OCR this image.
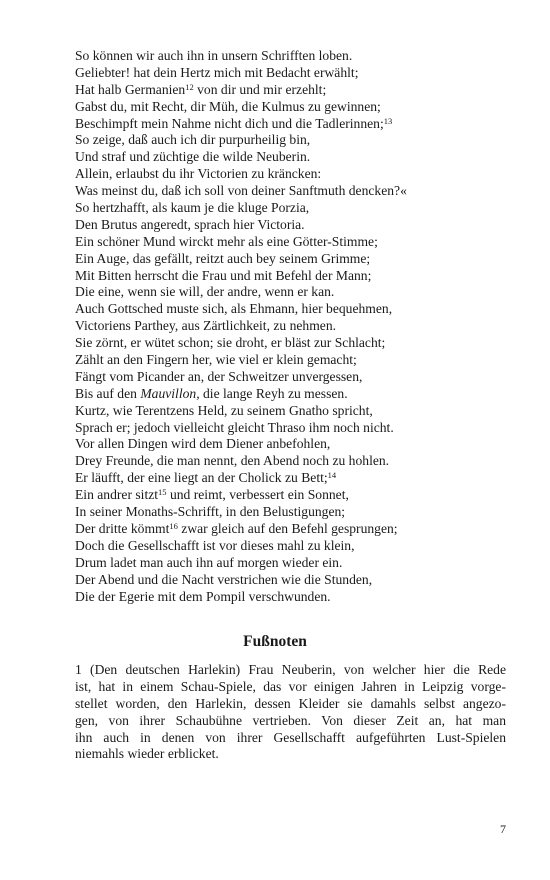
So können wir auch ihn in unsern Schrifften loben.
Geliebter! hat dein Hertz mich mit Bedacht erwählt;
Hat halb Germanien$^{12}$ von dir und mir erzehlt;
Gabst du, mit Recht, dir Müh, die Kulmus zu gewinnen;
Beschimpft mein Nahme nicht dich und die Tadlerinnen;$^{13}$
So zeige, daß auch ich dir purpurheilig bin,
Und straf und züchtige die wilde Neuberin.
Allein, erlaubst du ihr Victorien zu kräncken:
Was meinst du, daß ich soll von deiner Sanftmuth dencken?«
So hertzhafft, als kaum je die kluge Porzia,
Den Brutus angeredt, sprach hier Victoria.
Ein schöner Mund wirckt mehr als eine Götter-Stimme;
Ein Auge, das gefällt, reitzt auch bey seinem Grimme;
Mit Bitten herrscht die Frau und mit Befehl der Mann;
Die eine, wenn sie will, der andre, wenn er kan.
Auch Gottsched muste sich, als Ehmann, hier bequehmen,
Victoriens Parthey, aus Zärtlichkeit, zu nehmen.
Sie zörnt, er wütet schon; sie droht, er bläst zur Schlacht;
Zählt an den Fingern her, wie viel er klein gemacht;
Fängt vom Picander an, der Schweitzer unvergessen,
Bis auf den Mauvillon, die lange Reyh zu messen.
Kurtz, wie Terentzens Held, zu seinem Gnatho spricht,
Sprach er; jedoch vielleicht gleicht Thraso ihm noch nicht.
Vor allen Dingen wird dem Diener anbefohlen,
Drey Freunde, die man nennt, den Abend noch zu hohlen.
Er läufft, der eine liegt an der Cholick zu Bett;$^{14}$
Ein andrer sitzt$^{15}$ und reimt, verbessert ein Sonnet,
In seiner Monaths-Schrifft, in den Belustigungen;
Der dritte kömmt$^{16}$ zwar gleich auf den Befehl gesprungen;
Doch die Gesellschafft ist vor dieses mahl zu klein,
Drum ladet man auch ihn auf morgen wieder ein.
Der Abend und die Nacht verstrichen wie die Stunden,
Die der Egerie mit dem Pompil verschwunden.
Fußnoten
1 (Den deutschen Harlekin) Frau Neuberin, von welcher hier die Rede
ist, hat in einem Schau-Spiele, das vor einigen Jahren in Leipzig vorge-
stellet worden, den Harlekin, dessen Kleider sie damahls selbst angezo-
gen, von ihrer Schaubühne vertrieben. Von dieser Zeit an, hat man
ihn auch in denen von ihrer Gesellschafft aufgeführten Lust-Spielen
niemahls wieder erblicket.
7
